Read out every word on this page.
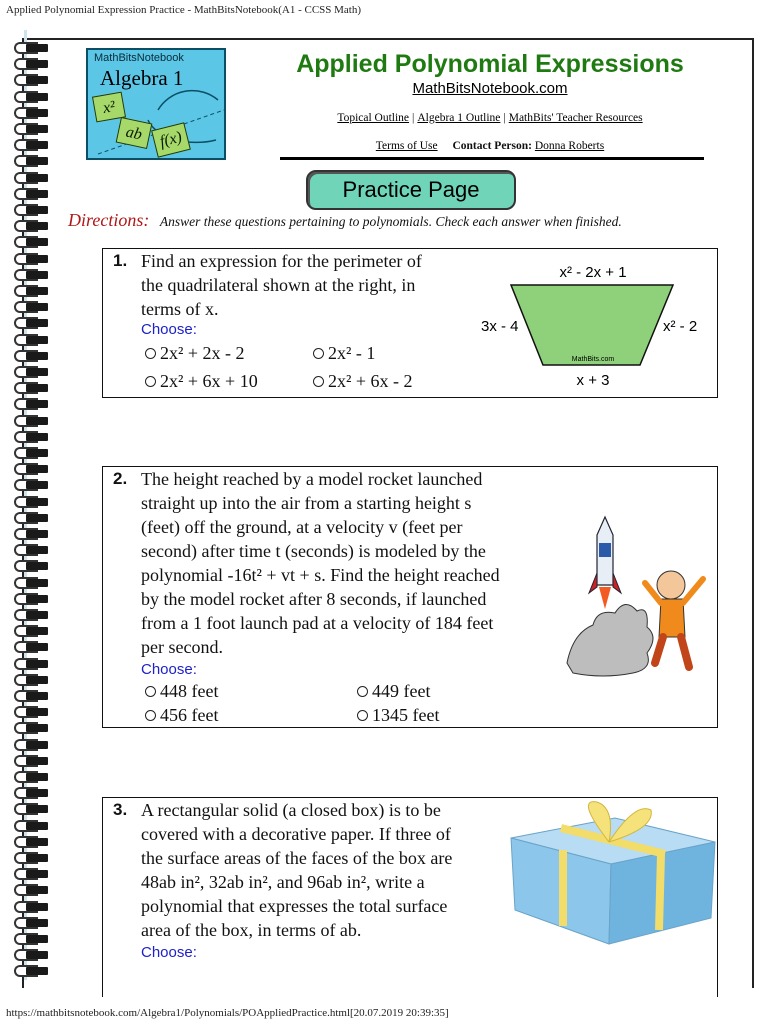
Applied Polynomial Expression Practice - MathBitsNotebook(A1 - CCSS Math)
MathBitsNotebook
Algebra 1
x²
ab f(x)
Applied Polynomial Expressions
MathBitsNotebook.com
Topical Outline | Algebra 1 Outline | MathBits' Teacher Resources
Terms of Use Contact Person: Donna Roberts
Practice Page
Directions: Answer these questions pertaining to polynomials. Check each answer when finished.
1. Find an expression for the perimeter of
the quadrilateral shown at the right, in
terms of x.
Choose:
2x² + 2x - 2	2x² - 1
2x² + 6x + 10	2x² + 6x - 2
x² - 2x + 1
3x - 4	x² - 2
x + 3
MathBits.com
2. The height reached by a model rocket launched
straight up into the air from a starting height s
(feet) off the ground, at a velocity v (feet per
second) after time t (seconds) is modeled by the
polynomial -16t² + vt + s. Find the height reached
by the model rocket after 8 seconds, if launched
from a 1 foot launch pad at a velocity of 184 feet
per second.
Choose:
448 feet	449 feet
456 feet	1345 feet
3. A rectangular solid (a closed box) is to be
covered with a decorative paper. If three of
the surface areas of the faces of the box are
48ab in², 32ab in², and 96ab in², write a
polynomial that expresses the total surface
area of the box, in terms of ab.
Choose:
https://mathbitsnotebook.com/Algebra1/Polynomials/POAppliedPractice.html[20.07.2019 20:39:35]
